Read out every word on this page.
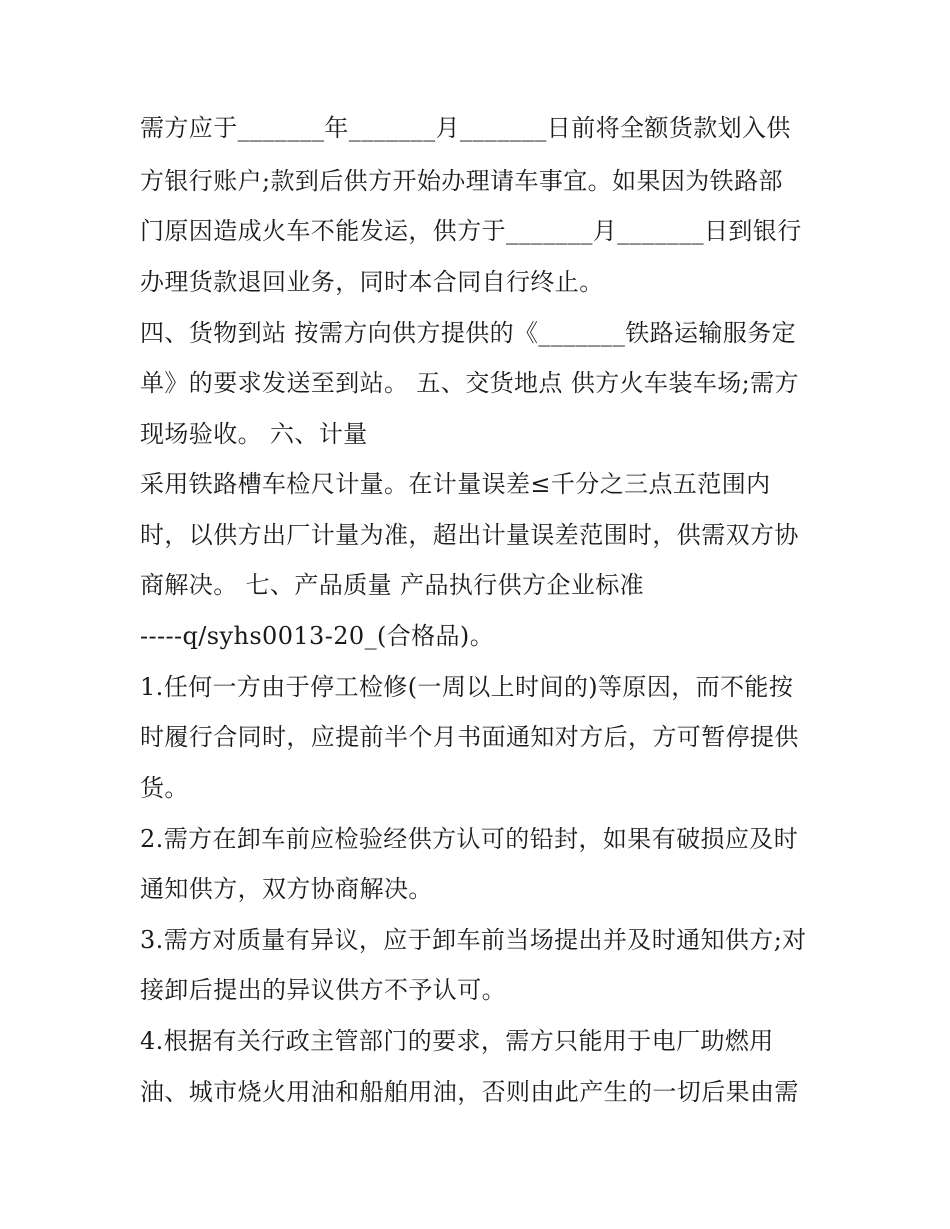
需方应于_______年_______月_______日前将全额货款划入供
方银行账户;款到后供方开始办理请车事宜。如果因为铁路部
门原因造成火车不能发运，供方于_______月_______日到银行
办理货款退回业务，同时本合同自行终止。
四、货物到站 按需方向供方提供的《_______铁路运输服务定
单》的要求发送至到站。 五、交货地点 供方火车装车场;需方
现场验收。 六、计量
采用铁路槽车检尺计量。在计量误差≤千分之三点五范围内
时，以供方出厂计量为准，超出计量误差范围时，供需双方协
商解决。 七、产品质量 产品执行供方企业标准
-----q/syhs0013-20_(合格品)。
1.任何一方由于停工检修(一周以上时间的)等原因，而不能按
时履行合同时，应提前半个月书面通知对方后，方可暂停提供
货。
2.需方在卸车前应检验经供方认可的铅封，如果有破损应及时
通知供方，双方协商解决。
3.需方对质量有异议，应于卸车前当场提出并及时通知供方;对
接卸后提出的异议供方不予认可。
4.根据有关行政主管部门的要求，需方只能用于电厂助燃用
油、城市烧火用油和船舶用油，否则由此产生的一切后果由需
